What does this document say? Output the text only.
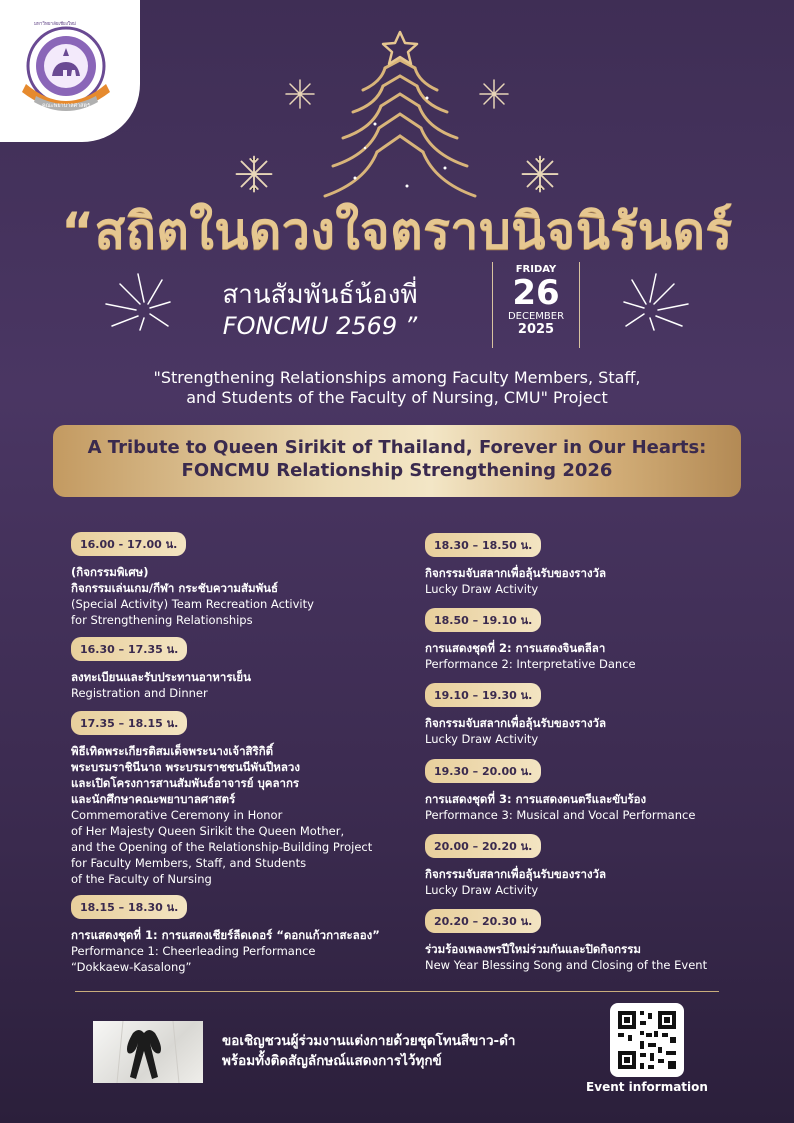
คณะพยาบาลศาสตร์
มหาวิทยาลัยเชียงใหม่
“สถิตในดวงใจตราบนิจนิรันดร์
สานสัมพันธ์น้องพี่
FONCMU 2569 ”
FRIDAY
26
DECEMBER
2025
"Strengthening Relationships among Faculty Members, Staff,
and Students of the Faculty of Nursing, CMU" Project
A Tribute to Queen Sirikit of Thailand, Forever in Our Hearts:
FONCMU Relationship Strengthening 2026
16.00 - 17.00 น.
(กิจกรรมพิเศษ)
กิจกรรมเล่นเกม/กีฬา กระชับความสัมพันธ์
(Special Activity) Team Recreation Activity
for Strengthening Relationships
16.30 – 17.35 น.
ลงทะเบียนและรับประทานอาหารเย็น
Registration and Dinner
17.35 – 18.15 น.
พิธีเทิดพระเกียรติสมเด็จพระนางเจ้าสิริกิติ์
พระบรมราชินีนาถ พระบรมราชชนนีพันปีหลวง
และเปิดโครงการสานสัมพันธ์อาจารย์ บุคลากร
และนักศึกษาคณะพยาบาลศาสตร์
Commemorative Ceremony in Honor
of Her Majesty Queen Sirikit the Queen Mother,
and the Opening of the Relationship-Building Project
for Faculty Members, Staff, and Students
of the Faculty of Nursing
18.15 – 18.30 น.
การแสดงชุดที่ 1: การแสดงเชียร์ลีดเดอร์ “ดอกแก้วกาสะลอง”
Performance 1: Cheerleading Performance
“Dokkaew-Kasalong”
18.30 – 18.50 น.
กิจกรรมจับสลากเพื่อลุ้นรับของรางวัล
Lucky Draw Activity
18.50 – 19.10 น.
การแสดงชุดที่ 2: การแสดงจินตลีลา
Performance 2: Interpretative Dance
19.10 – 19.30 น.
กิจกรรมจับสลากเพื่อลุ้นรับของรางวัล
Lucky Draw Activity
19.30 – 20.00 น.
การแสดงชุดที่ 3: การแสดงดนตรีและขับร้อง
Performance 3: Musical and Vocal Performance
20.00 – 20.20 น.
กิจกรรมจับสลากเพื่อลุ้นรับของรางวัล
Lucky Draw Activity
20.20 – 20.30 น.
ร่วมร้องเพลงพรปีใหม่ร่วมกันและปิดกิจกรรม
New Year Blessing Song and Closing of the Event
ขอเชิญชวนผู้ร่วมงานแต่งกายด้วยชุดโทนสีขาว-ดำ
พร้อมทั้งติดสัญลักษณ์แสดงการไว้ทุกข์
Event information
